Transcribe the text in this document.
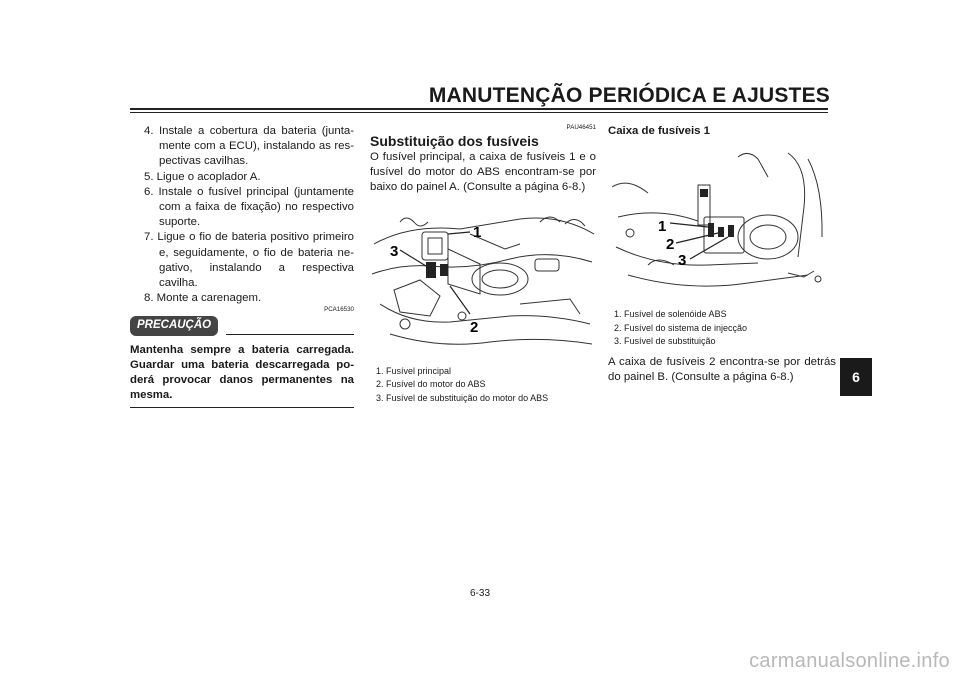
MANUTENÇÃO PERIÓDICA E AJUSTES
6
4. Instale a cobertura da bateria (junta-mente com a ECU), instalando as res-pectivas cavilhas.
5. Ligue o acoplador A.
6. Instale o fusível principal (juntamente com a faixa de fixação) no respectivo suporte.
7. Ligue o fio de bateria positivo primeiro e, seguidamente, o fio de bateria ne-gativo, instalando a respectiva cavilha.
8. Monte a carenagem.
PCA16530
PRECAUÇÃO
Mantenha sempre a bateria carregada. Guardar uma bateria descarregada po-derá provocar danos permanentes na mesma.
PAU46451
Substituição dos fusíveis
O fusível principal, a caixa de fusíveis 1 e o fusível do motor do ABS encontram-se por baixo do painel A. (Consulte a página 6-8.)
1
2
3
1. Fusível principal
2. Fusível do motor do ABS
3. Fusível de substituição do motor do ABS
Caixa de fusíveis 1
1
2
3
1. Fusível de solenóide ABS
2. Fusível do sistema de injecção
3. Fusível de substituição
A caixa de fusíveis 2 encontra-se por detrás do painel B. (Consulte a página 6-8.)
6-33
carmanualsonline.info
